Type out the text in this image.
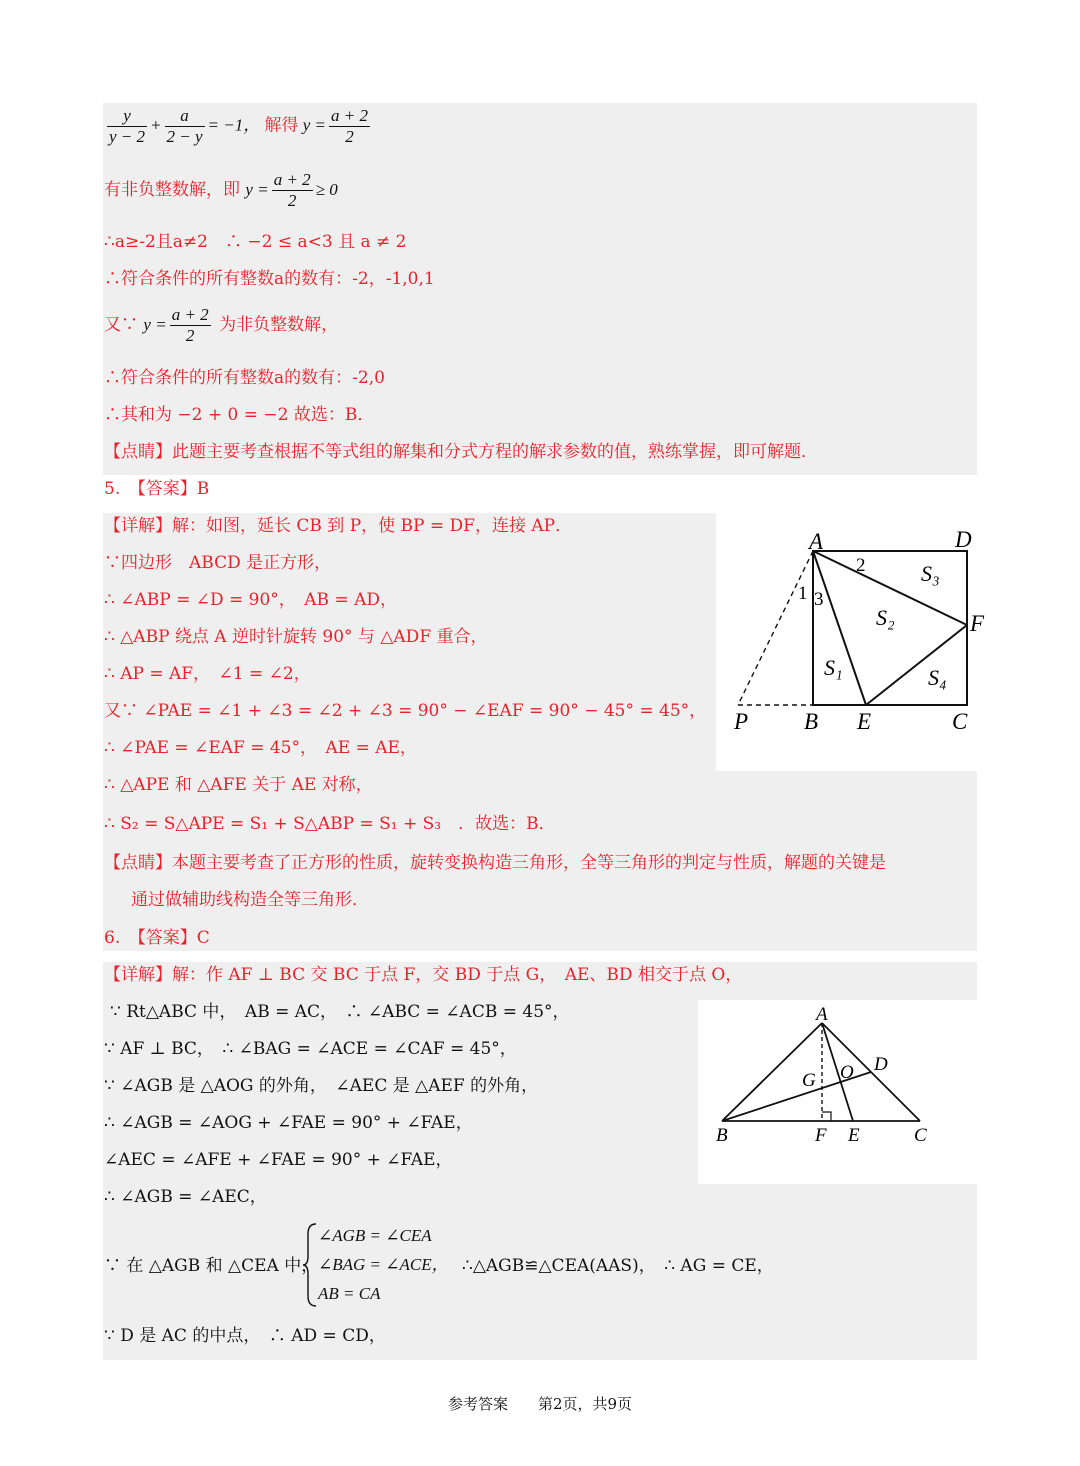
$\frac{y}{y - 2} + \frac{a}{2 - y} = -1$， 解得 $y = \frac{a + 2}{2}$
有非负整数解，即 $y = \frac{a + 2}{2} \ge 0$
∴a≥-2且a≠2　∴ −2 ≤ a<3 且 a ≠ 2
∴符合条件的所有整数a的数有：-2，-1,0,1
又∵ $y = \frac{a + 2}{2}$ 为非负整数解，
∴符合条件的所有整数a的数有：-2,0
∴其和为 −2 + 0 = −2 故选：B．
【点睛】此题主要考查根据不等式组的解集和分式方程的解求参数的值，熟练掌握，即可解题．
5.　【答案】B
【详解】解：如图，延长 CB 到 P，使 BP = DF，连接 AP．
∵四边形　ABCD 是正方形，
∴ ∠ABP = ∠D = 90°，　AB = AD，
∴ △ABP 绕点 A 逆时针旋转 90° 与 △ADF 重合，
∴ AP = AF，　∠1 = ∠2，
又∵ ∠PAE = ∠1 + ∠3 = ∠2 + ∠3 = 90° − ∠EAF = 90° − 45° = 45°，
∴ ∠PAE = ∠EAF = 45°，　AE = AE，
∴ △APE 和 △AFE 关于 AE 对称，
∴ S₂ = S△APE = S₁ + S△ABP = S₁ + S₃　．故选：B．
【点睛】本题主要考查了正方形的性质，旋转变换构造三角形，全等三角形的判定与性质，解题的关键是
通过做辅助线构造全等三角形．
A	D
P B E	C
F
S₁
S₂
S₃
S₄
1
2
3
6.　【答案】C
【详解】解：作 AF ⊥ BC 交 BC 于点 F，交 BD 于点 G，　AE、BD 相交于点 O，
∵ Rt△ABC 中，　AB = AC，　∴ ∠ABC = ∠ACB = 45°，
∵ AF ⊥ BC，　∴ ∠BAG = ∠ACE = ∠CAF = 45°，
∵ ∠AGB 是 △AOG 的外角，　∠AEC 是 △AEF 的外角，
∴ ∠AGB = ∠AOG + ∠FAE = 90° + ∠FAE，
∠AEC = ∠AFE + ∠FAE = 90° + ∠FAE，
∴ ∠AGB = ∠AEC，
∵ 在 △AGB 和 △CEA 中，
∠AGB = ∠CEA
∠BAG = ∠ACE，
AB = CA
∴△AGB≌△CEA(AAS)，　∴ AG = CE，
∵ D 是 AC 的中点，　∴ AD = CD，
A
B	C
D
E
F
G O
参考答案　　第2页，共9页
